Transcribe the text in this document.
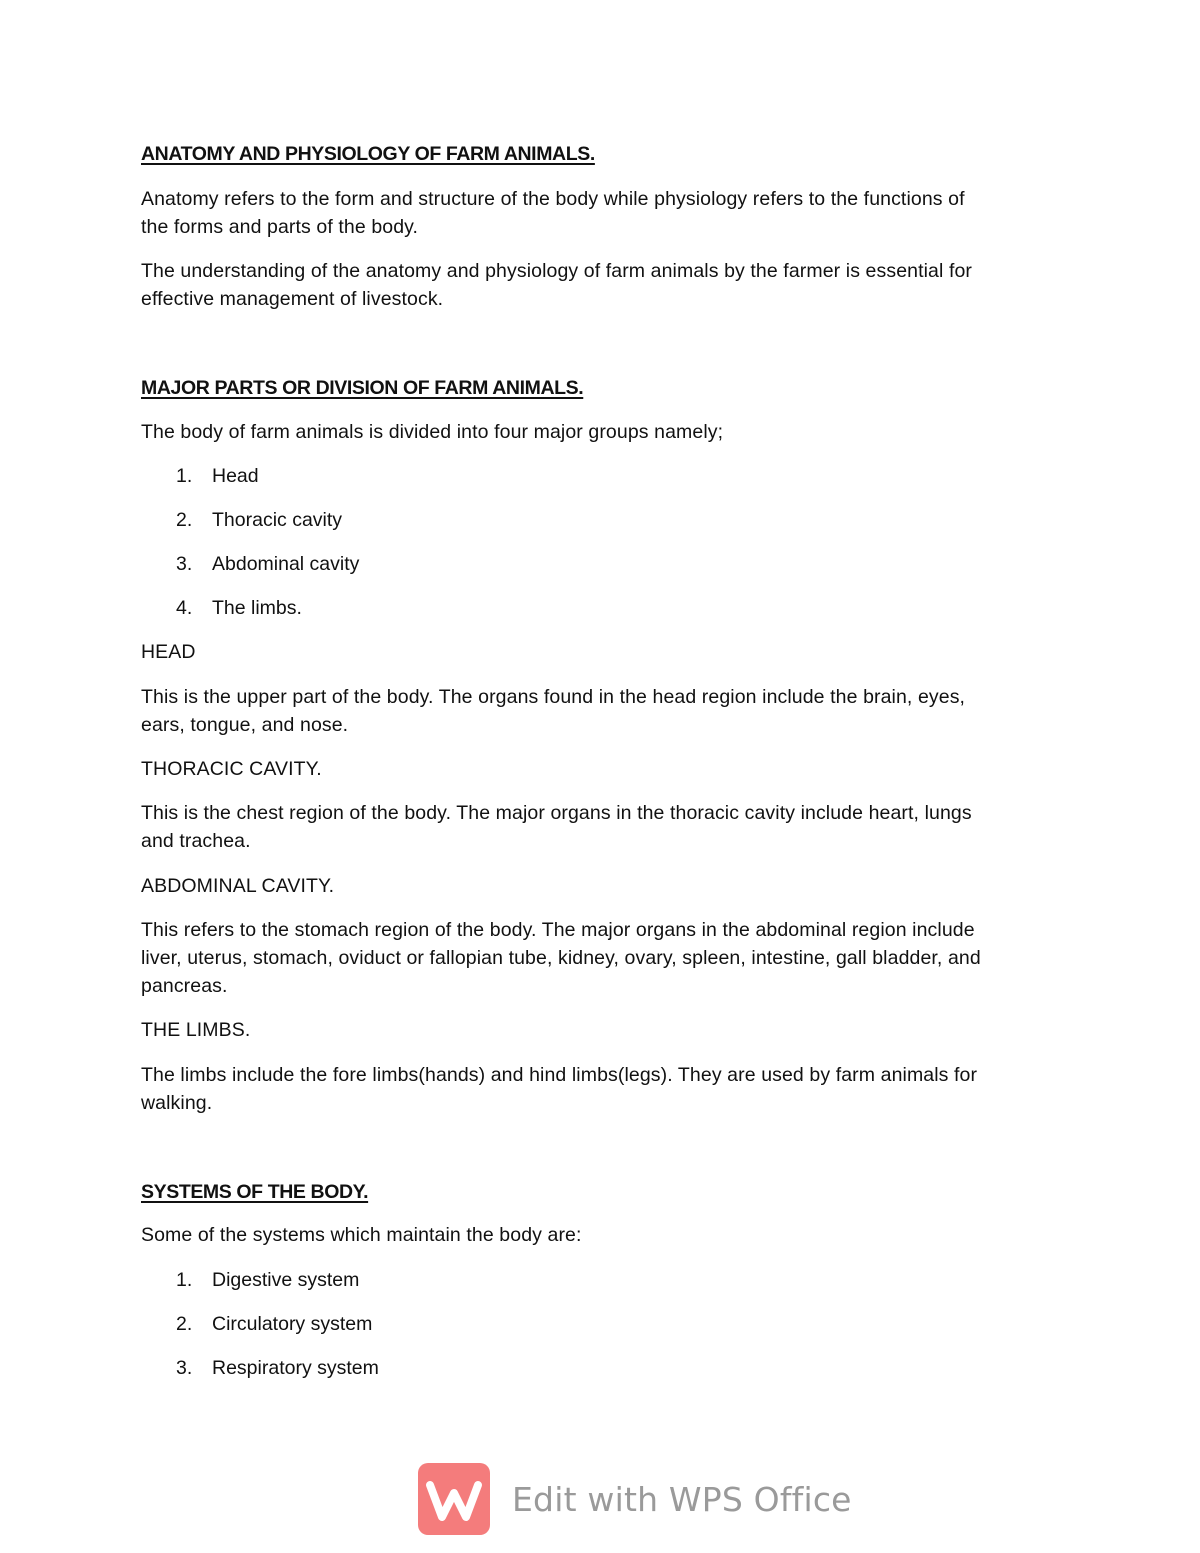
ANATOMY AND PHYSIOLOGY OF FARM ANIMALS.
Anatomy refers to the form and structure of the body while physiology refers to the functions of
the forms and parts of the body.
The understanding of the anatomy and physiology of farm animals by the farmer is essential for
effective management of livestock.
MAJOR PARTS OR DIVISION OF FARM ANIMALS.
The body of farm animals is divided into four major groups namely;
1. Head
2. Thoracic cavity
3. Abdominal cavity
4. The limbs.
HEAD
This is the upper part of the body. The organs found in the head region include the brain, eyes,
ears, tongue, and nose.
THORACIC CAVITY.
This is the chest region of the body. The major organs in the thoracic cavity include heart, lungs
and trachea.
ABDOMINAL CAVITY.
This refers to the stomach region of the body. The major organs in the abdominal region include
liver, uterus, stomach, oviduct or fallopian tube, kidney, ovary, spleen, intestine, gall bladder, and
pancreas.
THE LIMBS.
The limbs include the fore limbs(hands) and hind limbs(legs). They are used by farm animals for
walking.
SYSTEMS OF THE BODY.
Some of the systems which maintain the body are:
1. Digestive system
2. Circulatory system
3. Respiratory system
Edit with WPS Office
